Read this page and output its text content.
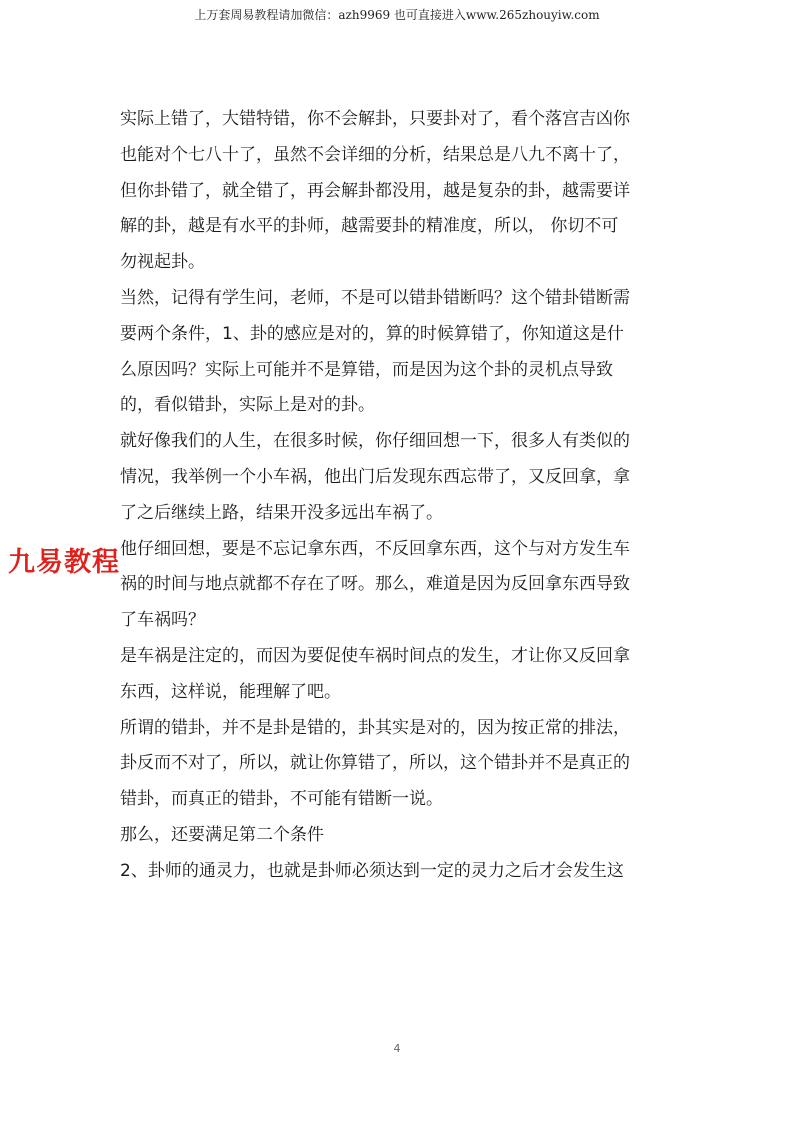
上万套周易教程请加微信：azh9969 也可直接进入www.265zhouyiw.com
实际上错了，大错特错，你不会解卦，只要卦对了，看个落宫吉凶你
也能对个七八十了，虽然不会详细的分析，结果总是八九不离十了，
但你卦错了，就全错了，再会解卦都没用，越是复杂的卦，越需要详
解的卦，越是有水平的卦师，越需要卦的精准度，所以， 你切不可
勿视起卦。
当然，记得有学生问，老师，不是可以错卦错断吗？这个错卦错断需
要两个条件，1、卦的感应是对的，算的时候算错了，你知道这是什
么原因吗？实际上可能并不是算错，而是因为这个卦的灵机点导致
的，看似错卦，实际上是对的卦。
就好像我们的人生，在很多时候，你仔细回想一下，很多人有类似的
情况，我举例一个小车祸，他出门后发现东西忘带了，又反回拿，拿
了之后继续上路，结果开没多远出车祸了。
他仔细回想，要是不忘记拿东西，不反回拿东西，这个与对方发生车
祸的时间与地点就都不存在了呀。那么，难道是因为反回拿东西导致
了车祸吗？
是车祸是注定的，而因为要促使车祸时间点的发生，才让你又反回拿
东西，这样说，能理解了吧。
所谓的错卦，并不是卦是错的，卦其实是对的，因为按正常的排法，
卦反而不对了，所以，就让你算错了，所以，这个错卦并不是真正的
错卦，而真正的错卦，不可能有错断一说。
那么，还要满足第二个条件
2、卦师的通灵力，也就是卦师必须达到一定的灵力之后才会发生这
九易教程
4
